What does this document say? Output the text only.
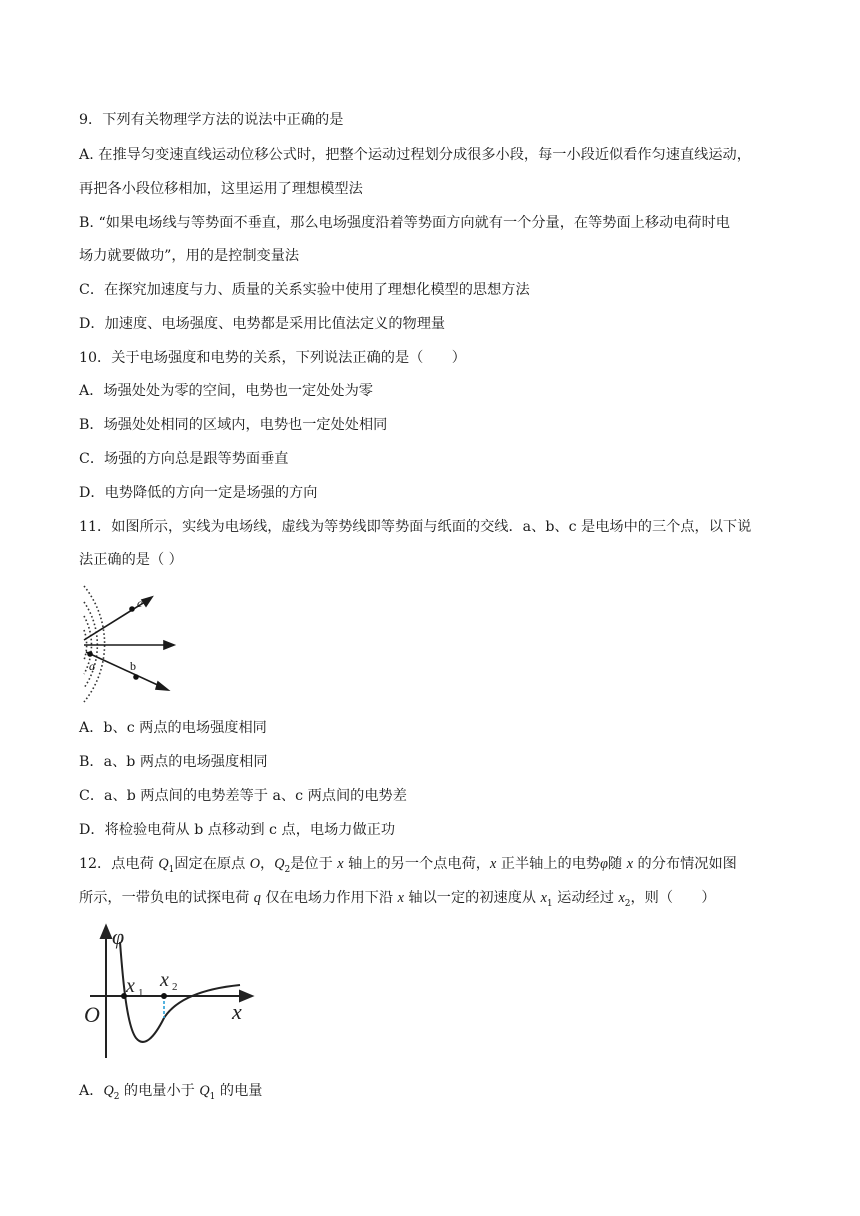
9．下列有关物理学方法的说法中正确的是
A. 在推导匀变速直线运动位移公式时，把整个运动过程划分成很多小段，每一小段近似看作匀速直线运动，
再把各小段位移相加，这里运用了理想模型法
B. “如果电场线与等势面不垂直，那么电场强度沿着等势面方向就有一个分量，在等势面上移动电荷时电
场力就要做功”，用的是控制变量法
C．在探究加速度与力、质量的关系实验中使用了理想化模型的思想方法
D．加速度、电场强度、电势都是采用比值法定义的物理量
10．关于电场强度和电势的关系，下列说法正确的是（　　）
A．场强处处为零的空间，电势也一定处处为零
B．场强处处相同的区域内，电势也一定处处相同
C．场强的方向总是跟等势面垂直
D．电势降低的方向一定是场强的方向
11．如图所示，实线为电场线，虚线为等势线即等势面与纸面的交线．a、b、c 是电场中的三个点，以下说
法正确的是（ ）
c
a	b
A．b、c 两点的电场强度相同
B．a、b 两点的电场强度相同
C．a、b 两点间的电势差等于 a、c 两点间的电势差
D．将检验电荷从 b 点移动到 c 点，电场力做正功
12．点电荷 $Q_1$固定在原点 O，$Q_2$是位于 x 轴上的另一个点电荷，x 正半轴上的电势φ随 x 的分布情况如图
所示，一带负电的试探电荷 q 仅在电场力作用下沿 x 轴以一定的初速度从 $x_1$ 运动经过 $x_2$，则（　　）
φ
O	x
x 1
x 2
A．$Q_2$ 的电量小于 $Q_1$ 的电量
